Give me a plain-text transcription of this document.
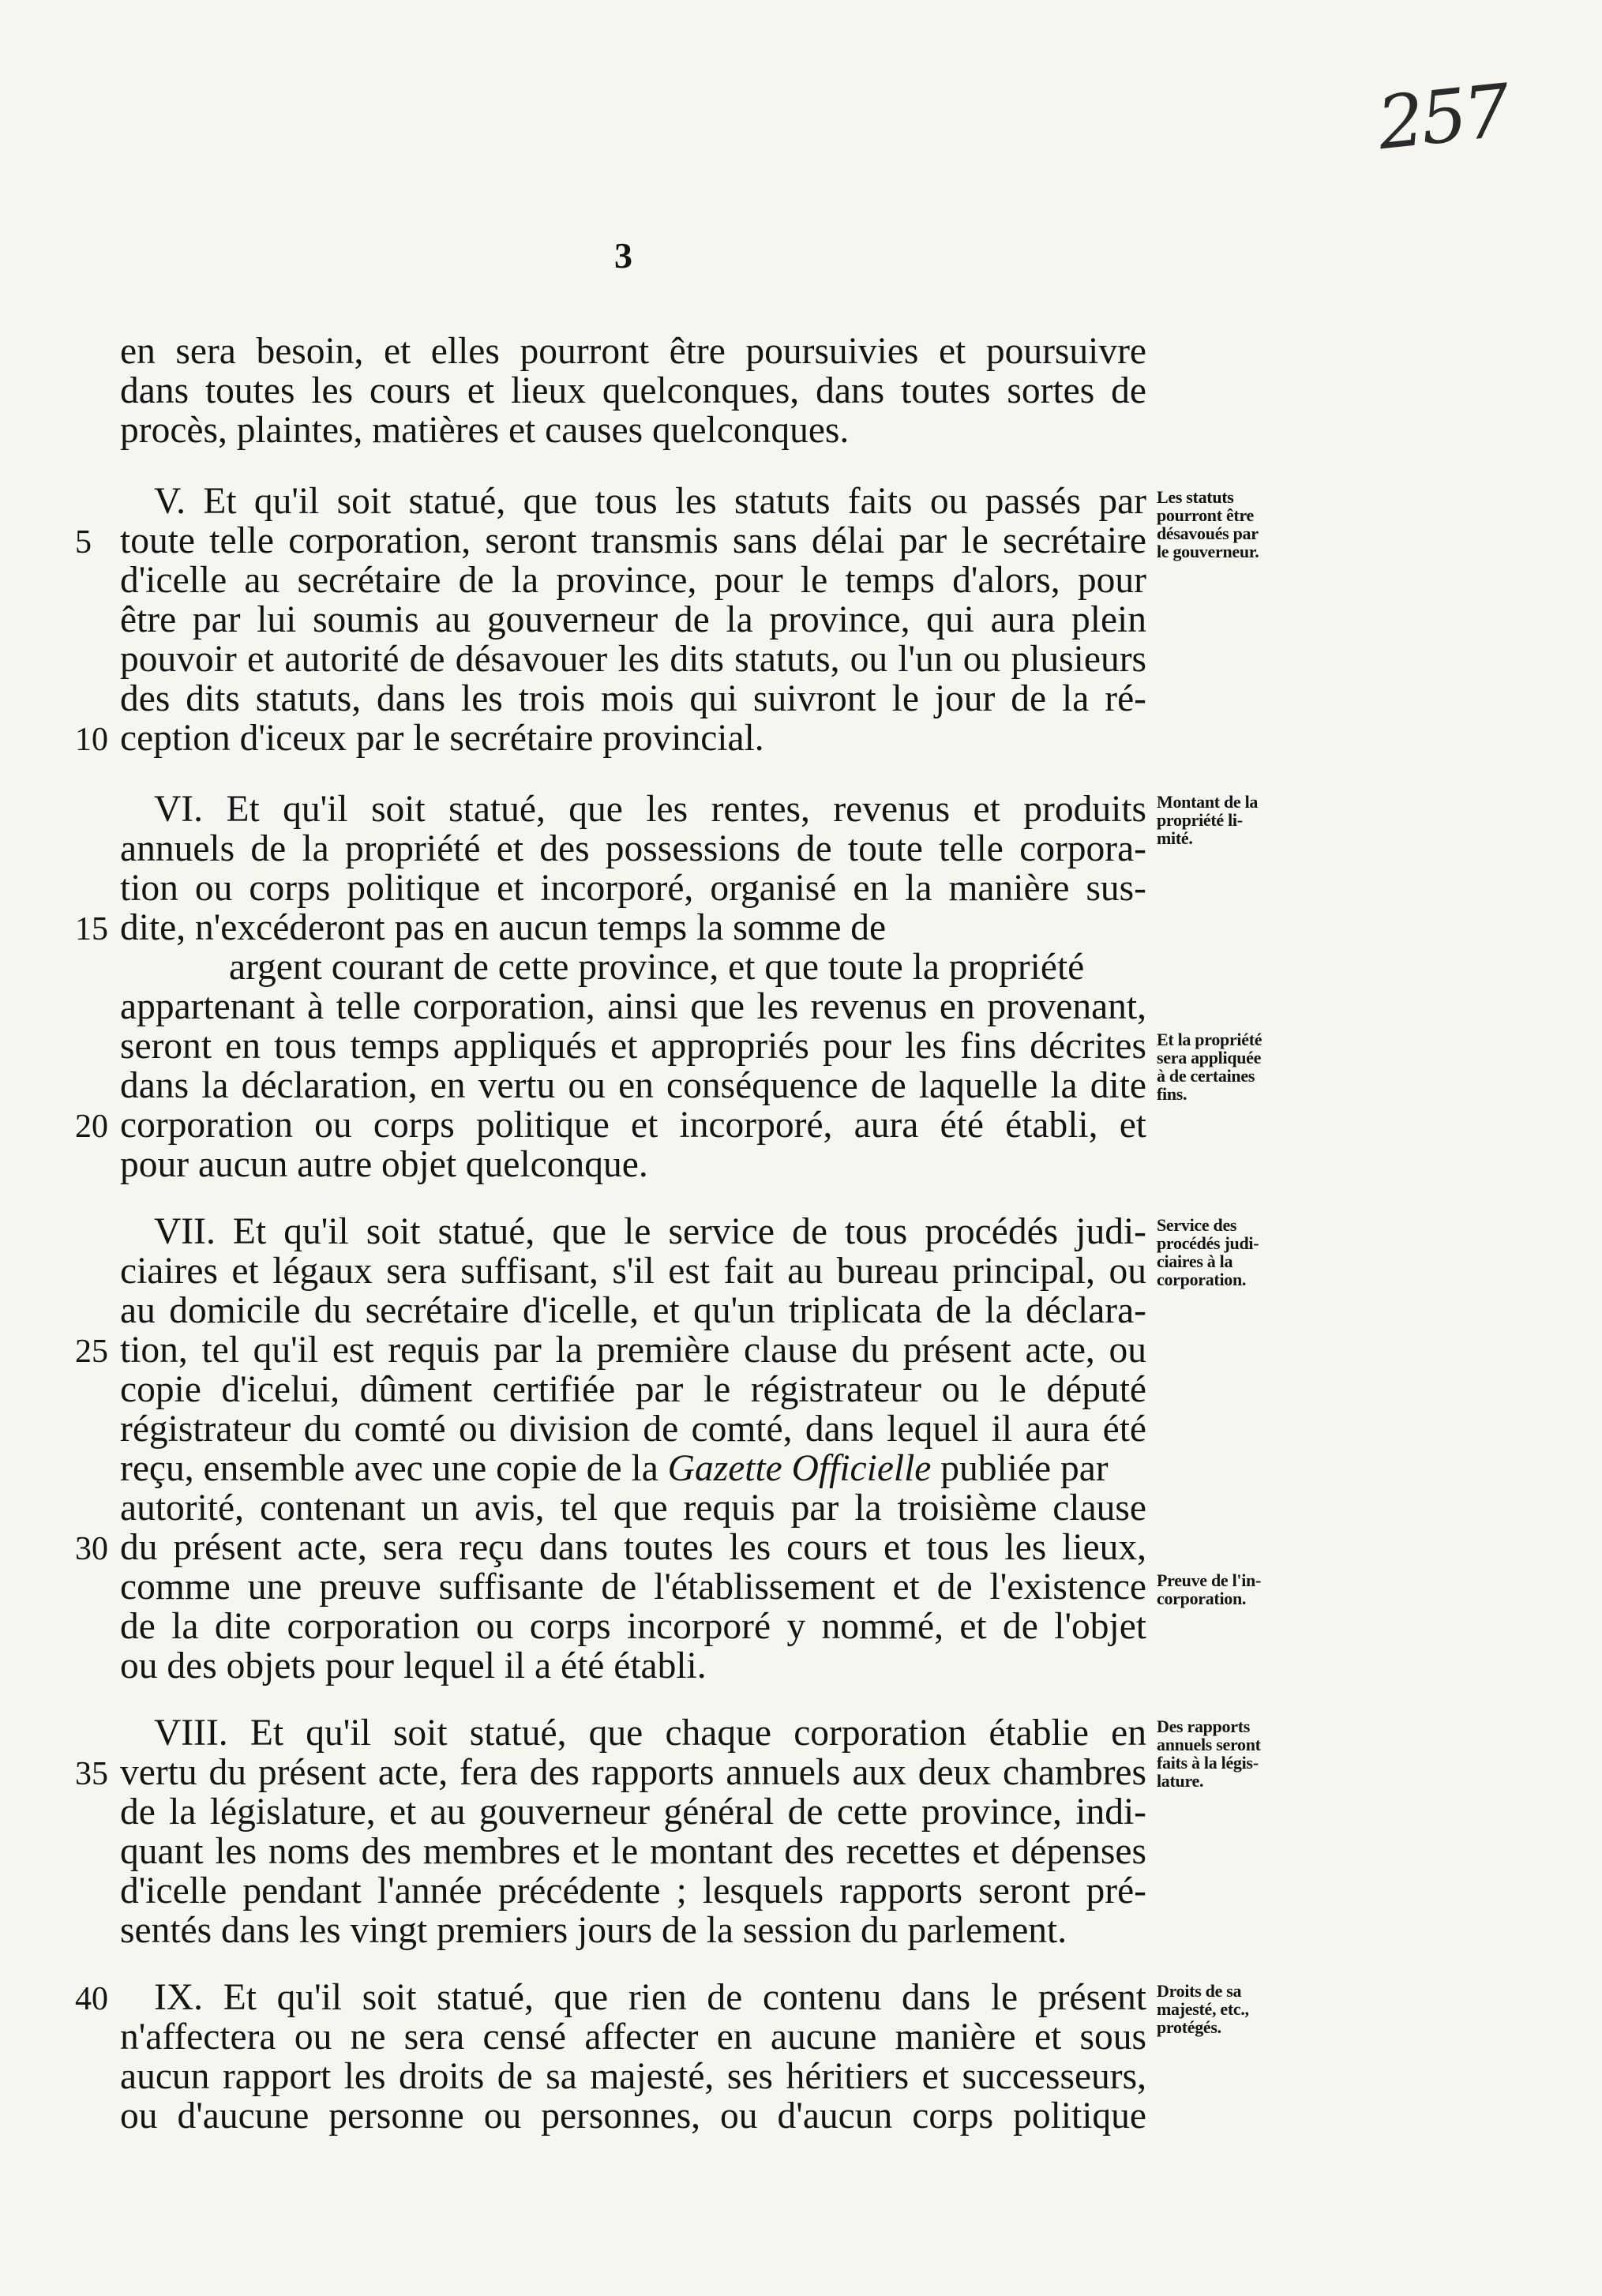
257
3
en sera besoin, et elles pourront être poursuivies et poursuivre
dans toutes les cours et lieux quelconques, dans toutes sortes de
procès, plaintes, matières et causes quelconques.
V. Et qu'il soit statué, que tous les statuts faits ou passés par
toute telle corporation, seront transmis sans délai par le secrétaire
d'icelle au secrétaire de la province, pour le temps d'alors, pour
être par lui soumis au gouverneur de la province, qui aura plein
pouvoir et autorité de désavouer les dits statuts, ou l'un ou plusieurs
des dits statuts, dans les trois mois qui suivront le jour de la ré-
ception d'iceux par le secrétaire provincial.
VI. Et qu'il soit statué, que les rentes, revenus et produits
annuels de la propriété et des possessions de toute telle corpora-
tion ou corps politique et incorporé, organisé en la manière sus-
dite, n'excéderont pas en aucun temps la somme de
argent courant de cette province, et que toute la propriété
appartenant à telle corporation, ainsi que les revenus en provenant,
seront en tous temps appliqués et appropriés pour les fins décrites
dans la déclaration, en vertu ou en conséquence de laquelle la dite
corporation ou corps politique et incorporé, aura été établi, et
pour aucun autre objet quelconque.
VII. Et qu'il soit statué, que le service de tous procédés judi-
ciaires et légaux sera suffisant, s'il est fait au bureau principal, ou
au domicile du secrétaire d'icelle, et qu'un triplicata de la déclara-
tion, tel qu'il est requis par la première clause du présent acte, ou
copie d'icelui, dûment certifiée par le régistrateur ou le député
régistrateur du comté ou division de comté, dans lequel il aura été
reçu, ensemble avec une copie de la Gazette Officielle publiée par
autorité, contenant un avis, tel que requis par la troisième clause
du présent acte, sera reçu dans toutes les cours et tous les lieux,
comme une preuve suffisante de l'établissement et de l'existence
de la dite corporation ou corps incorporé y nommé, et de l'objet
ou des objets pour lequel il a été établi.
VIII. Et qu'il soit statué, que chaque corporation établie en
vertu du présent acte, fera des rapports annuels aux deux chambres
de la législature, et au gouverneur général de cette province, indi-
quant les noms des membres et le montant des recettes et dépenses
d'icelle pendant l'année précédente ; lesquels rapports seront pré-
sentés dans les vingt premiers jours de la session du parlement.
IX. Et qu'il soit statué, que rien de contenu dans le présent
n'affectera ou ne sera censé affecter en aucune manière et sous
aucun rapport les droits de sa majesté, ses héritiers et successeurs,
ou d'aucune personne ou personnes, ou d'aucun corps politique
5
10
15
20
25
30
35
40
Les statuts
pourront être
désavoués par
le gouverneur.
Montant de la
propriété li-
mité.
Et la propriété
sera appliquée
à de certaines
fins.
Service des
procédés judi-
ciaires à la
corporation.
Preuve de l'in-
corporation.
Des rapports
annuels seront
faits à la légis-
lature.
Droits de sa
majesté, etc.,
protégés.
